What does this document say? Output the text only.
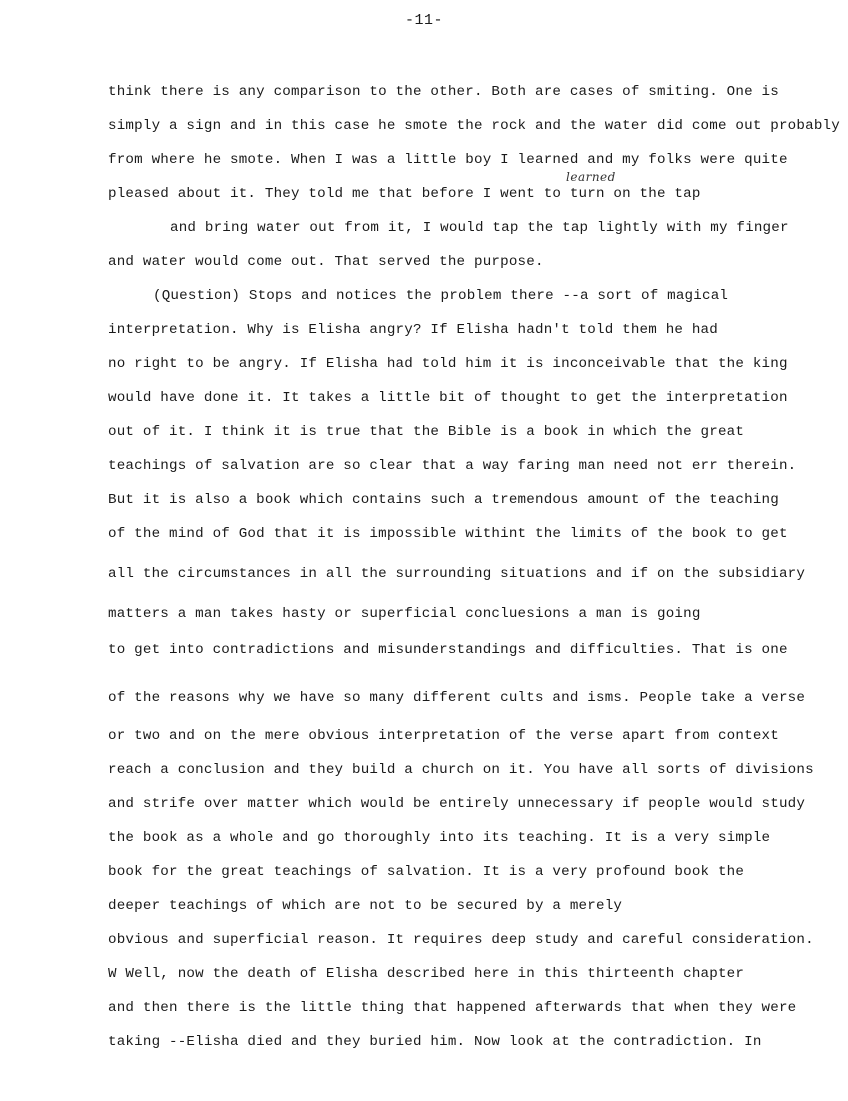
-11-
learned
think there is any comparison to the other. Both are cases of smiting. One is
simply a sign and in this case he smote the rock and the water did come out probably
from where he smote. When I was a little boy I learned and my folks were quite
pleased about it. They told me that before I went to turn on the tap
and bring water out from it, I would tap the tap lightly with my finger
and water would come out. That served the purpose.
(Question) Stops and notices the problem there --a sort of magical
interpretation. Why is Elisha angry? If Elisha hadn't told them he had
no right to be angry. If Elisha had told him it is inconceivable that the king
would have done it. It takes a little bit of thought to get the interpretation
out of it. I think it is true that the Bible is a book in which the great
teachings of salvation are so clear that a way faring man need not err therein.
But it is also a book which contains such a tremendous amount of the teaching
of the mind of God that it is impossible withint the limits of the book to get
all the circumstances in all the surrounding situations and if on the subsidiary
matters a man takes hasty or superficial concluesions a man is going
to get into contradictions and misunderstandings and difficulties. That is one
of the reasons why we have so many different cults and isms. People take a verse
or two and on the mere obvious interpretation of the verse apart from context
reach a conclusion and they build a church on it. You have all sorts of divisions
and strife over matter which would be entirely unnecessary if people would study
the book as a whole and go thoroughly into its teaching. It is a very simple
book for the great teachings of salvation. It is a very profound book the
deeper teachings of which are not to be secured by a merely
obvious and superficial reason. It requires deep study and careful consideration.
W Well, now the death of Elisha described here in this thirteenth chapter
and then there is the little thing that happened afterwards that when they were
taking --Elisha died and they buried him. Now look at the contradiction. In
